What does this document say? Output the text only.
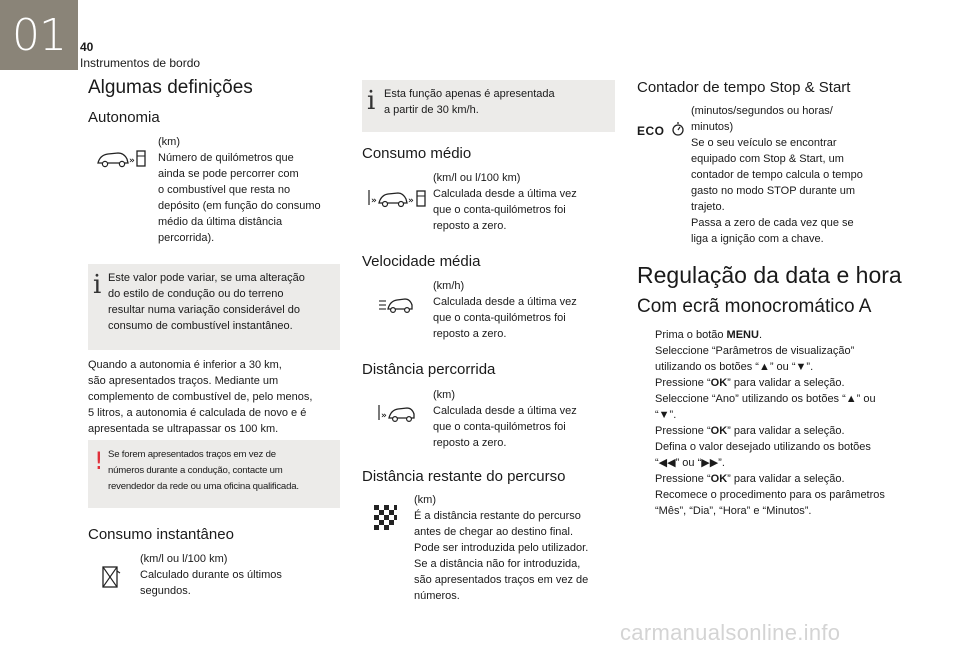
01	40
Instrumentos de bordo
Algumas definições
Autonomia
»
(km)
Número de quilómetros que
ainda se pode percorrer com
o combustível que resta no
depósito (em função do consumo
médio da última distância
percorrida).
ⅰ Este valor pode variar, se uma alteração
do estilo de condução ou do terreno
resultar numa variação considerável do
consumo de combustível instantâneo.
Quando a autonomia é inferior a 30 km,
são apresentados traços. Mediante um
complemento de combustível de, pelo menos,
5 litros, a autonomia é calculada de novo e é
apresentada se ultrapassar os 100 km.
! Se forem apresentados traços em vez de
números durante a condução, contacte um
revendedor da rede ou uma oficina qualificada.
Consumo instantâneo
(km/l ou l/100 km)
Calculado durante os últimos
segundos.
ⅰ Esta função apenas é apresentada
a partir de 30 km/h.
Consumo médio
»	»
(km/l ou l/100 km)
Calculada desde a última vez
que o conta-quilómetros foi
reposto a zero.
Velocidade média
(km/h)
Calculada desde a última vez
que o conta-quilómetros foi
reposto a zero.
Distância percorrida
»
(km)
Calculada desde a última vez
que o conta-quilómetros foi
reposto a zero.
Distância restante do percurso
(km)
É a distância restante do percurso
antes de chegar ao destino final.
Pode ser introduzida pelo utilizador.
Se a distância não for introduzida,
são apresentados traços em vez de
números.
Contador de tempo Stop & Start
ECO
(minutos/segundos ou horas/
minutos)
Se o seu veículo se encontrar
equipado com Stop & Start, um
contador de tempo calcula o tempo
gasto no modo STOP durante um
trajeto.
Passa a zero de cada vez que se
liga a ignição com a chave.
Regulação da data e hora
Com ecrã monocromático A
Prima o botão MENU.
Seleccione “Parâmetros de visualização” utilizando os botões “▲” ou “▼”.
Pressione “OK” para validar a seleção.
Seleccione “Ano” utilizando os botões “▲” ou “▼”.
Pressione “OK” para validar a seleção.
Defina o valor desejado utilizando os botões “◀◀” ou “▶▶”.
Pressione “OK” para validar a seleção.
Recomece o procedimento para os parâmetros “Mês”, “Dia”, “Hora” e “Minutos”.
carmanualsonline.info
